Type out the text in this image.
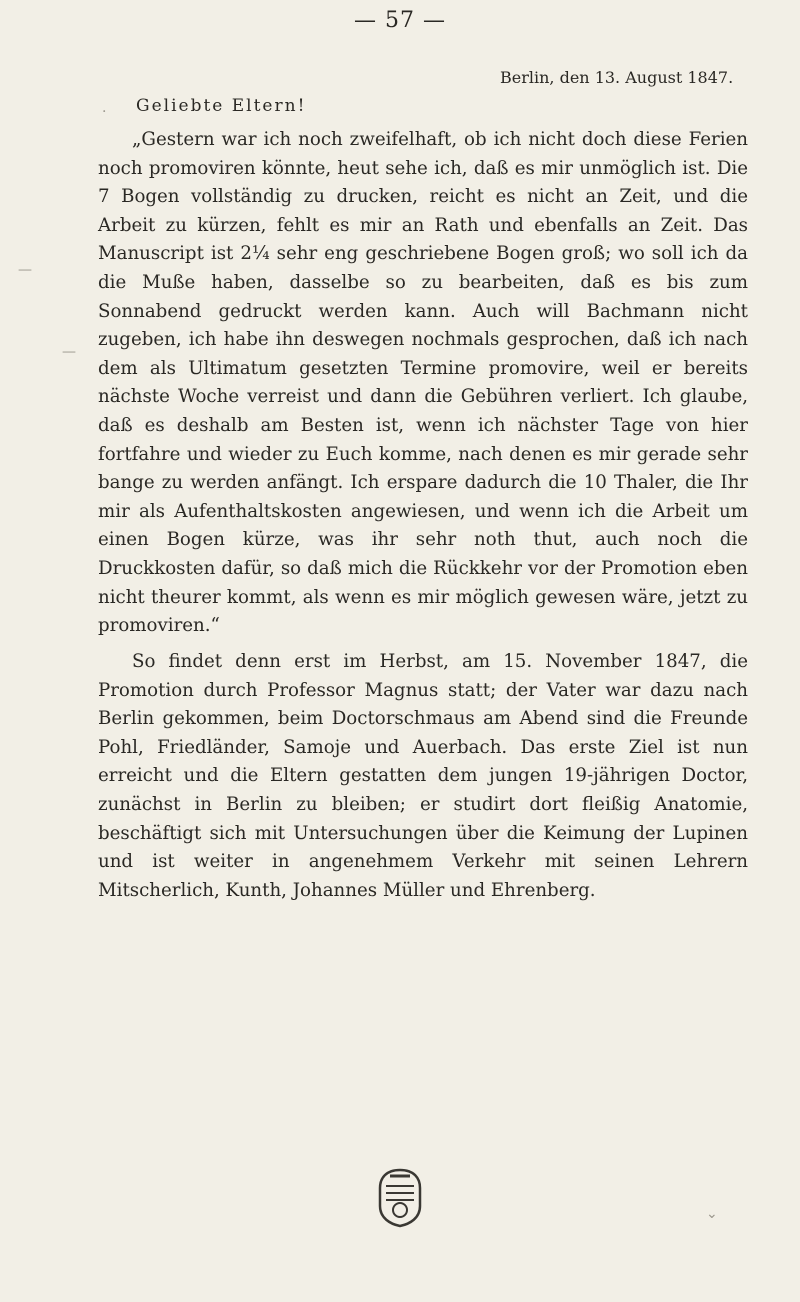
— 57 —
Berlin, den 13. August 1847.
Geliebte Eltern!

„Gestern war ich noch zweifelhaft, ob ich nicht doch diese Ferien noch promoviren könnte, heut sehe ich, daß es mir unmöglich ist. Die 7 Bogen vollständig zu drucken, reicht es nicht an Zeit, und die Arbeit zu kürzen, fehlt es mir an Rath und ebenfalls an Zeit. Das Manuscript ist 2¼ sehr eng geschriebene Bogen groß; wo soll ich da die Muße haben, dasselbe so zu bearbeiten, daß es bis zum Sonnabend gedruckt werden kann. Auch will Bachmann nicht zugeben, ich habe ihn deswegen nochmals gesprochen, daß ich nach dem als Ultimatum gesetzten Termine promovire, weil er bereits nächste Woche verreist und dann die Gebühren verliert. Ich glaube, daß es deshalb am Besten ist, wenn ich nächster Tage von hier fortfahre und wieder zu Euch komme, nach denen es mir gerade sehr bange zu werden anfängt. Ich erspare dadurch die 10 Thaler, die Ihr mir als Aufenthaltskosten angewiesen, und wenn ich die Arbeit um einen Bogen kürze, was ihr sehr noth thut, auch noch die Druckkosten dafür, so daß mich die Rückkehr vor der Promotion eben nicht theurer kommt, als wenn es mir möglich gewesen wäre, jetzt zu promoviren.“

So findet denn erst im Herbst, am 15. November 1847, die Promotion durch Professor Magnus statt; der Vater war dazu nach Berlin gekommen, beim Doctorschmaus am Abend sind die Freunde Pohl, Friedländer, Samoje und Auerbach. Das erste Ziel ist nun erreicht und die Eltern gestatten dem jungen 19-jährigen Doctor, zunächst in Berlin zu bleiben; er studirt dort fleißig Anatomie, beschäftigt sich mit Untersuchungen über die Keimung der Lupinen und ist weiter in angenehmem Verkehr mit seinen Lehrern Mitscherlich, Kunth, Johannes Müller und Ehrenberg.

·
—
—
⌄
